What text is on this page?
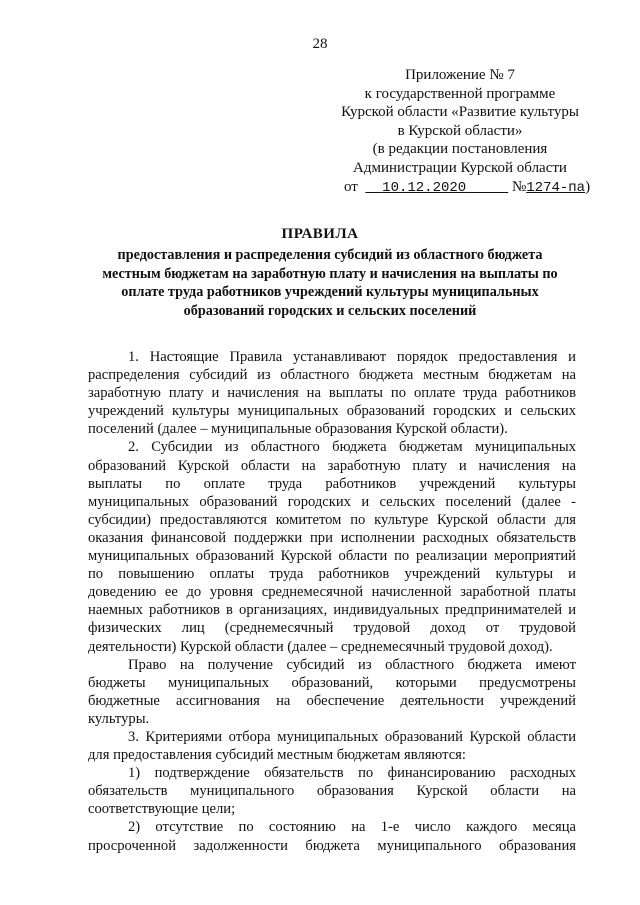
28
Приложение № 7
к государственной программе
Курской области «Развитие культуры
в Курской области»
(в редакции постановления
Администрации Курской области
от 10.12.2020	№1274-па)
ПРАВИЛА
предоставления и распределения субсидий из областного бюджета
местным бюджетам на заработную плату и начисления на выплаты по
оплате труда работников учреждений культуры муниципальных
образований городских и сельских поселений
1. Настоящие Правила устанавливают порядок предоставления и
распределения субсидий из областного бюджета местным бюджетам на
заработную плату и начисления на выплаты по оплате труда работников
учреждений культуры муниципальных образований городских и сельских
поселений (далее – муниципальные образования Курской области).
2. Субсидии из областного бюджета бюджетам муниципальных
образований Курской области на заработную плату и начисления на
выплаты по оплате труда работников учреждений культуры
муниципальных образований городских и сельских поселений (далее -
субсидии) предоставляются комитетом по культуре Курской области для
оказания финансовой поддержки при исполнении расходных обязательств
муниципальных образований Курской области по реализации мероприятий
по повышению оплаты труда работников учреждений культуры и
доведению ее до уровня среднемесячной начисленной заработной платы
наемных работников в организациях, индивидуальных предпринимателей и
физических лиц (среднемесячный трудовой доход от трудовой
деятельности) Курской области (далее – среднемесячный трудовой доход).
Право на получение субсидий из областного бюджета имеют
бюджеты муниципальных образований, которыми предусмотрены
бюджетные ассигнования на обеспечение деятельности учреждений
культуры.
3. Критериями отбора муниципальных образований Курской области
для предоставления субсидий местным бюджетам являются:
1) подтверждение обязательств по финансированию расходных
обязательств муниципального образования Курской области на
соответствующие цели;
2) отсутствие по состоянию на 1-е число каждого месяца
просроченной задолженности бюджета муниципального образования
